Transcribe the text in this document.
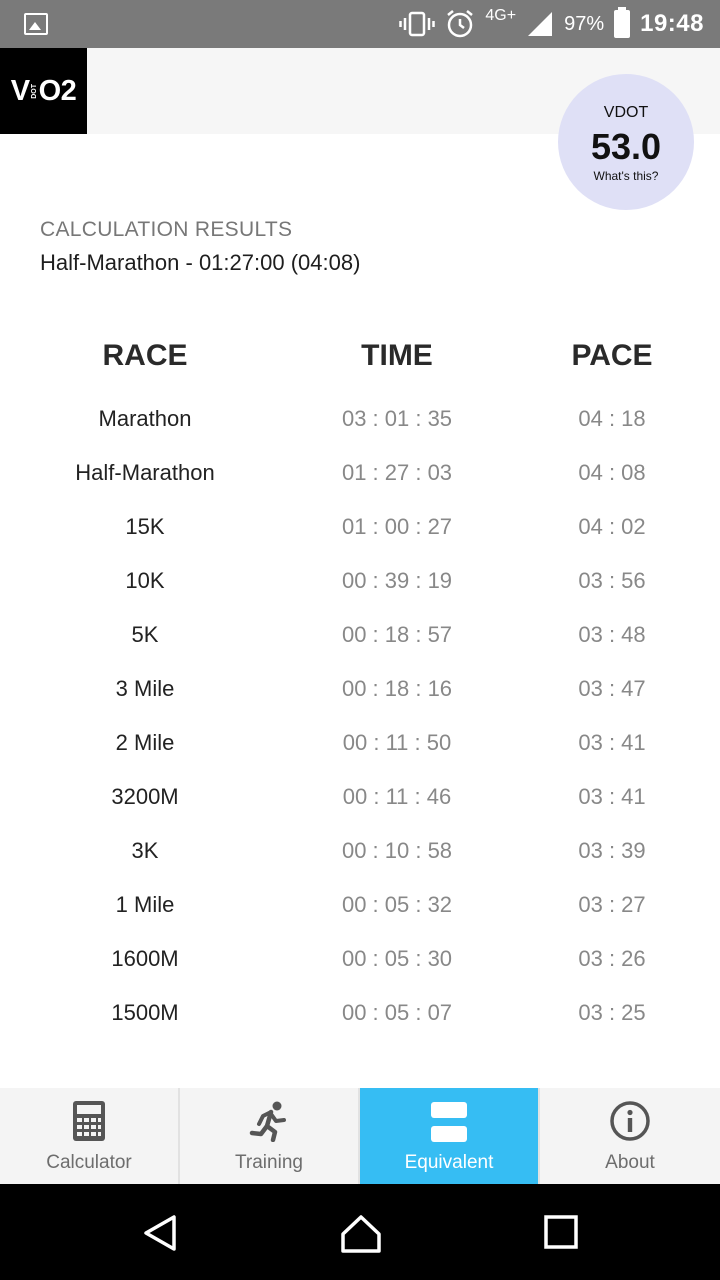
4G+ 97% 19:48
V DOT O2
VDOT
53.0
What's this?
CALCULATION RESULTS
Half-Marathon - 01:27:00 (04:08)
RACE	TIME	PACE
Marathon	03 : 01 : 35	04 : 18
Half-Marathon	01 : 27 : 03	04 : 08
15K	01 : 00 : 27	04 : 02
10K	00 : 39 : 19	03 : 56
5K	00 : 18 : 57	03 : 48
3 Mile	00 : 18 : 16	03 : 47
2 Mile	00 : 11 : 50	03 : 41
3200M	00 : 11 : 46	03 : 41
3K	00 : 10 : 58	03 : 39
1 Mile	00 : 05 : 32	03 : 27
1600M	00 : 05 : 30	03 : 26
1500M	00 : 05 : 07	03 : 25
Calculator	Training	Equivalent	About
